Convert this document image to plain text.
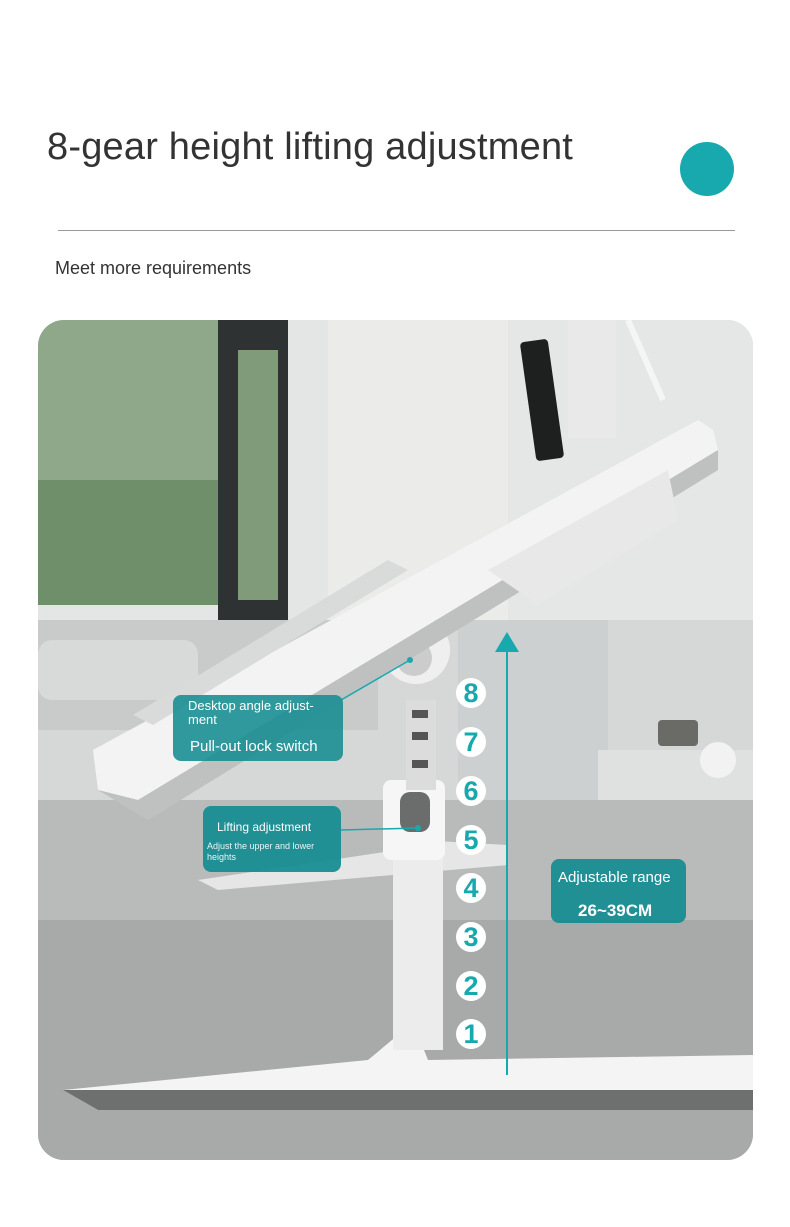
8-gear height lifting adjustment
Meet more requirements
Desktop angle adjust-ment
Pull-out lock switch
Lifting adjustment
Adjust the upper and lower heights
Adjustable range
26~39CM
8
7
6
5
4
3
2
1
